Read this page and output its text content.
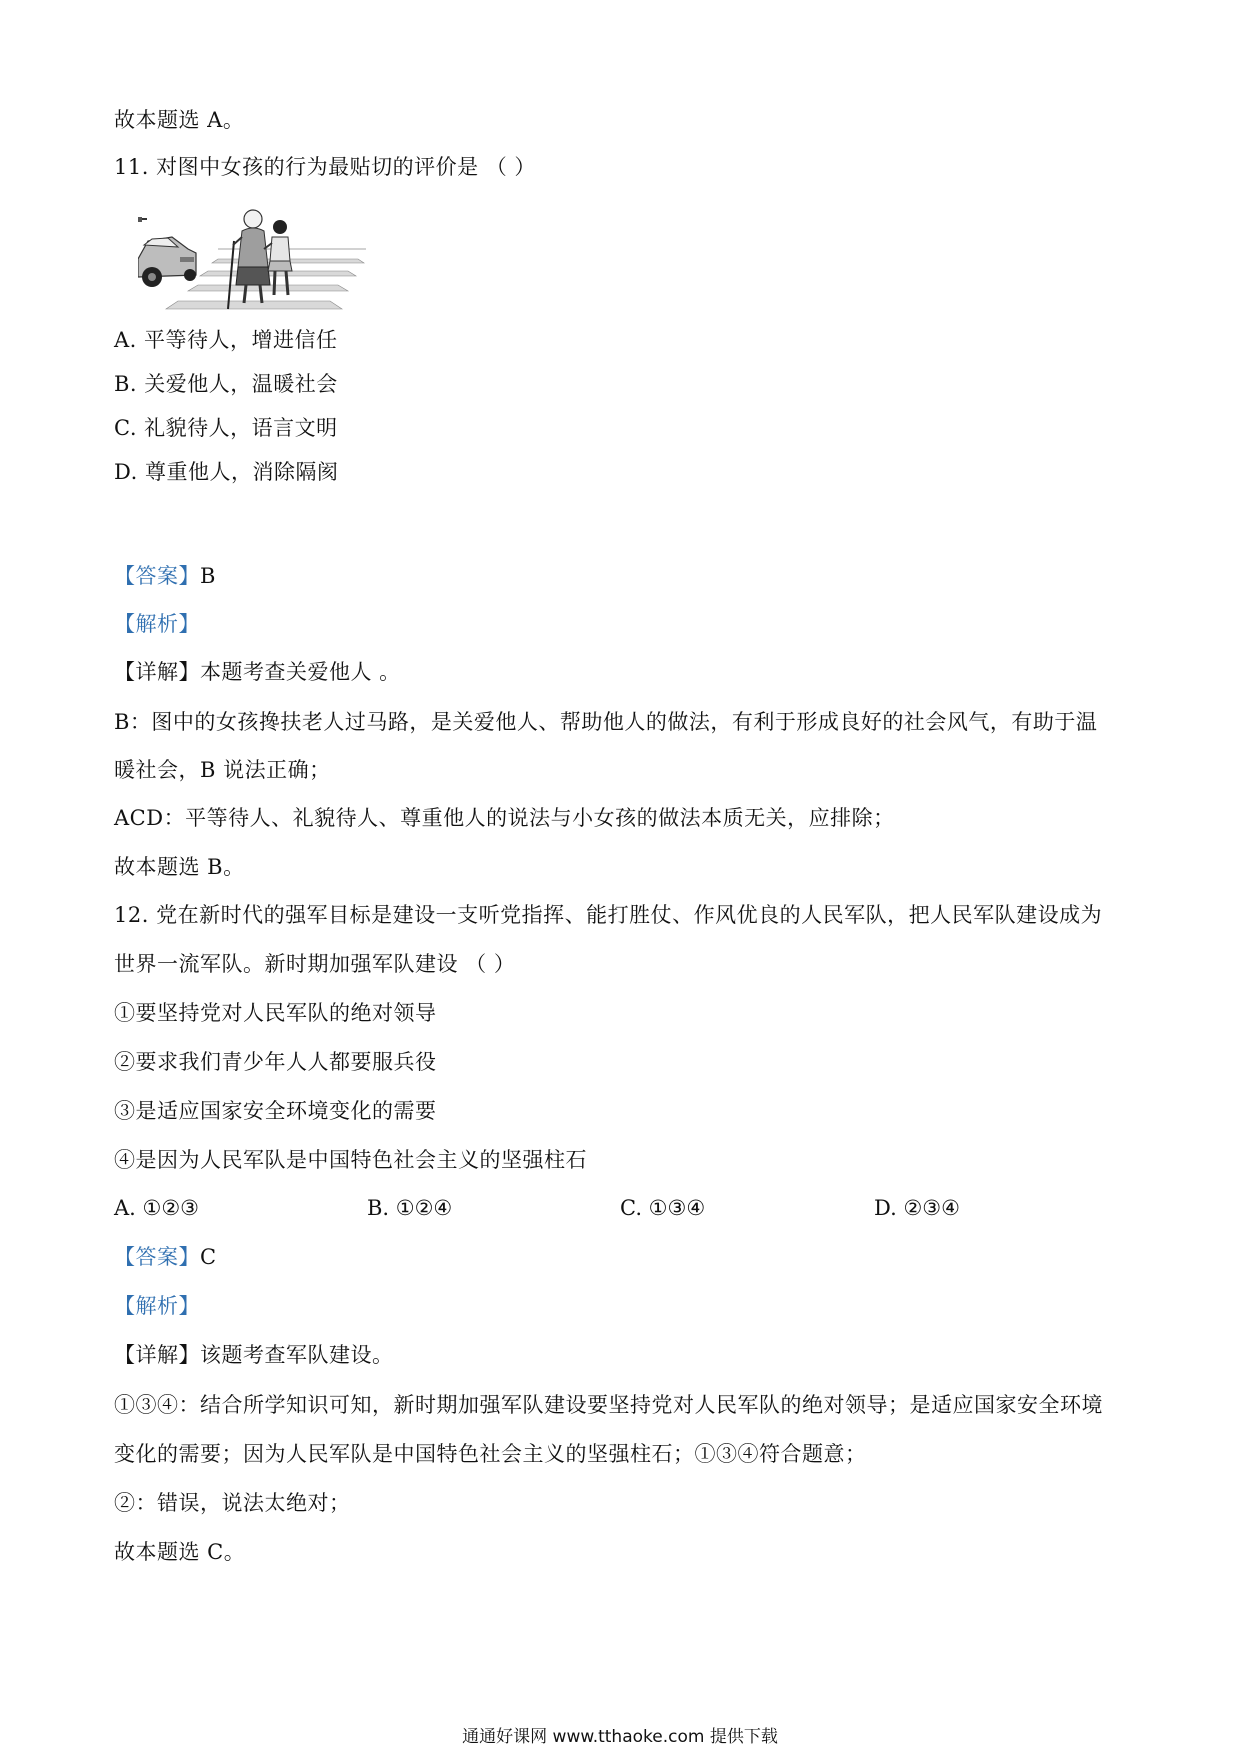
故本题选 A。
11. 对图中女孩的行为最贴切的评价是 （ ）
A. 平等待人，增进信任
B. 关爱他人，温暖社会
C. 礼貌待人，语言文明
D. 尊重他人，消除隔阂
【答案】B
【解析】
【详解】本题考查关爱他人 。
B：图中的女孩搀扶老人过马路，是关爱他人、帮助他人的做法，有利于形成良好的社会风气，有助于温
暖社会，B 说法正确；
ACD：平等待人、礼貌待人、尊重他人的说法与小女孩的做法本质无关，应排除；
故本题选 B。
12. 党在新时代的强军目标是建设一支听党指挥、能打胜仗、作风优良的人民军队，把人民军队建设成为
世界一流军队。新时期加强军队建设 （ ）
①要坚持党对人民军队的绝对领导
②要求我们青少年人人都要服兵役
③是适应国家安全环境变化的需要
④是因为人民军队是中国特色社会主义的坚强柱石
A. ①②③	B. ①②④	C. ①③④	D. ②③④
【答案】C
【解析】
【详解】该题考查军队建设。
①③④：结合所学知识可知，新时期加强军队建设要坚持党对人民军队的绝对领导；是适应国家安全环境
变化的需要；因为人民军队是中国特色社会主义的坚强柱石；①③④符合题意；
②：错误，说法太绝对；
故本题选 C。
通通好课网 www.tthaoke.com 提供下载
